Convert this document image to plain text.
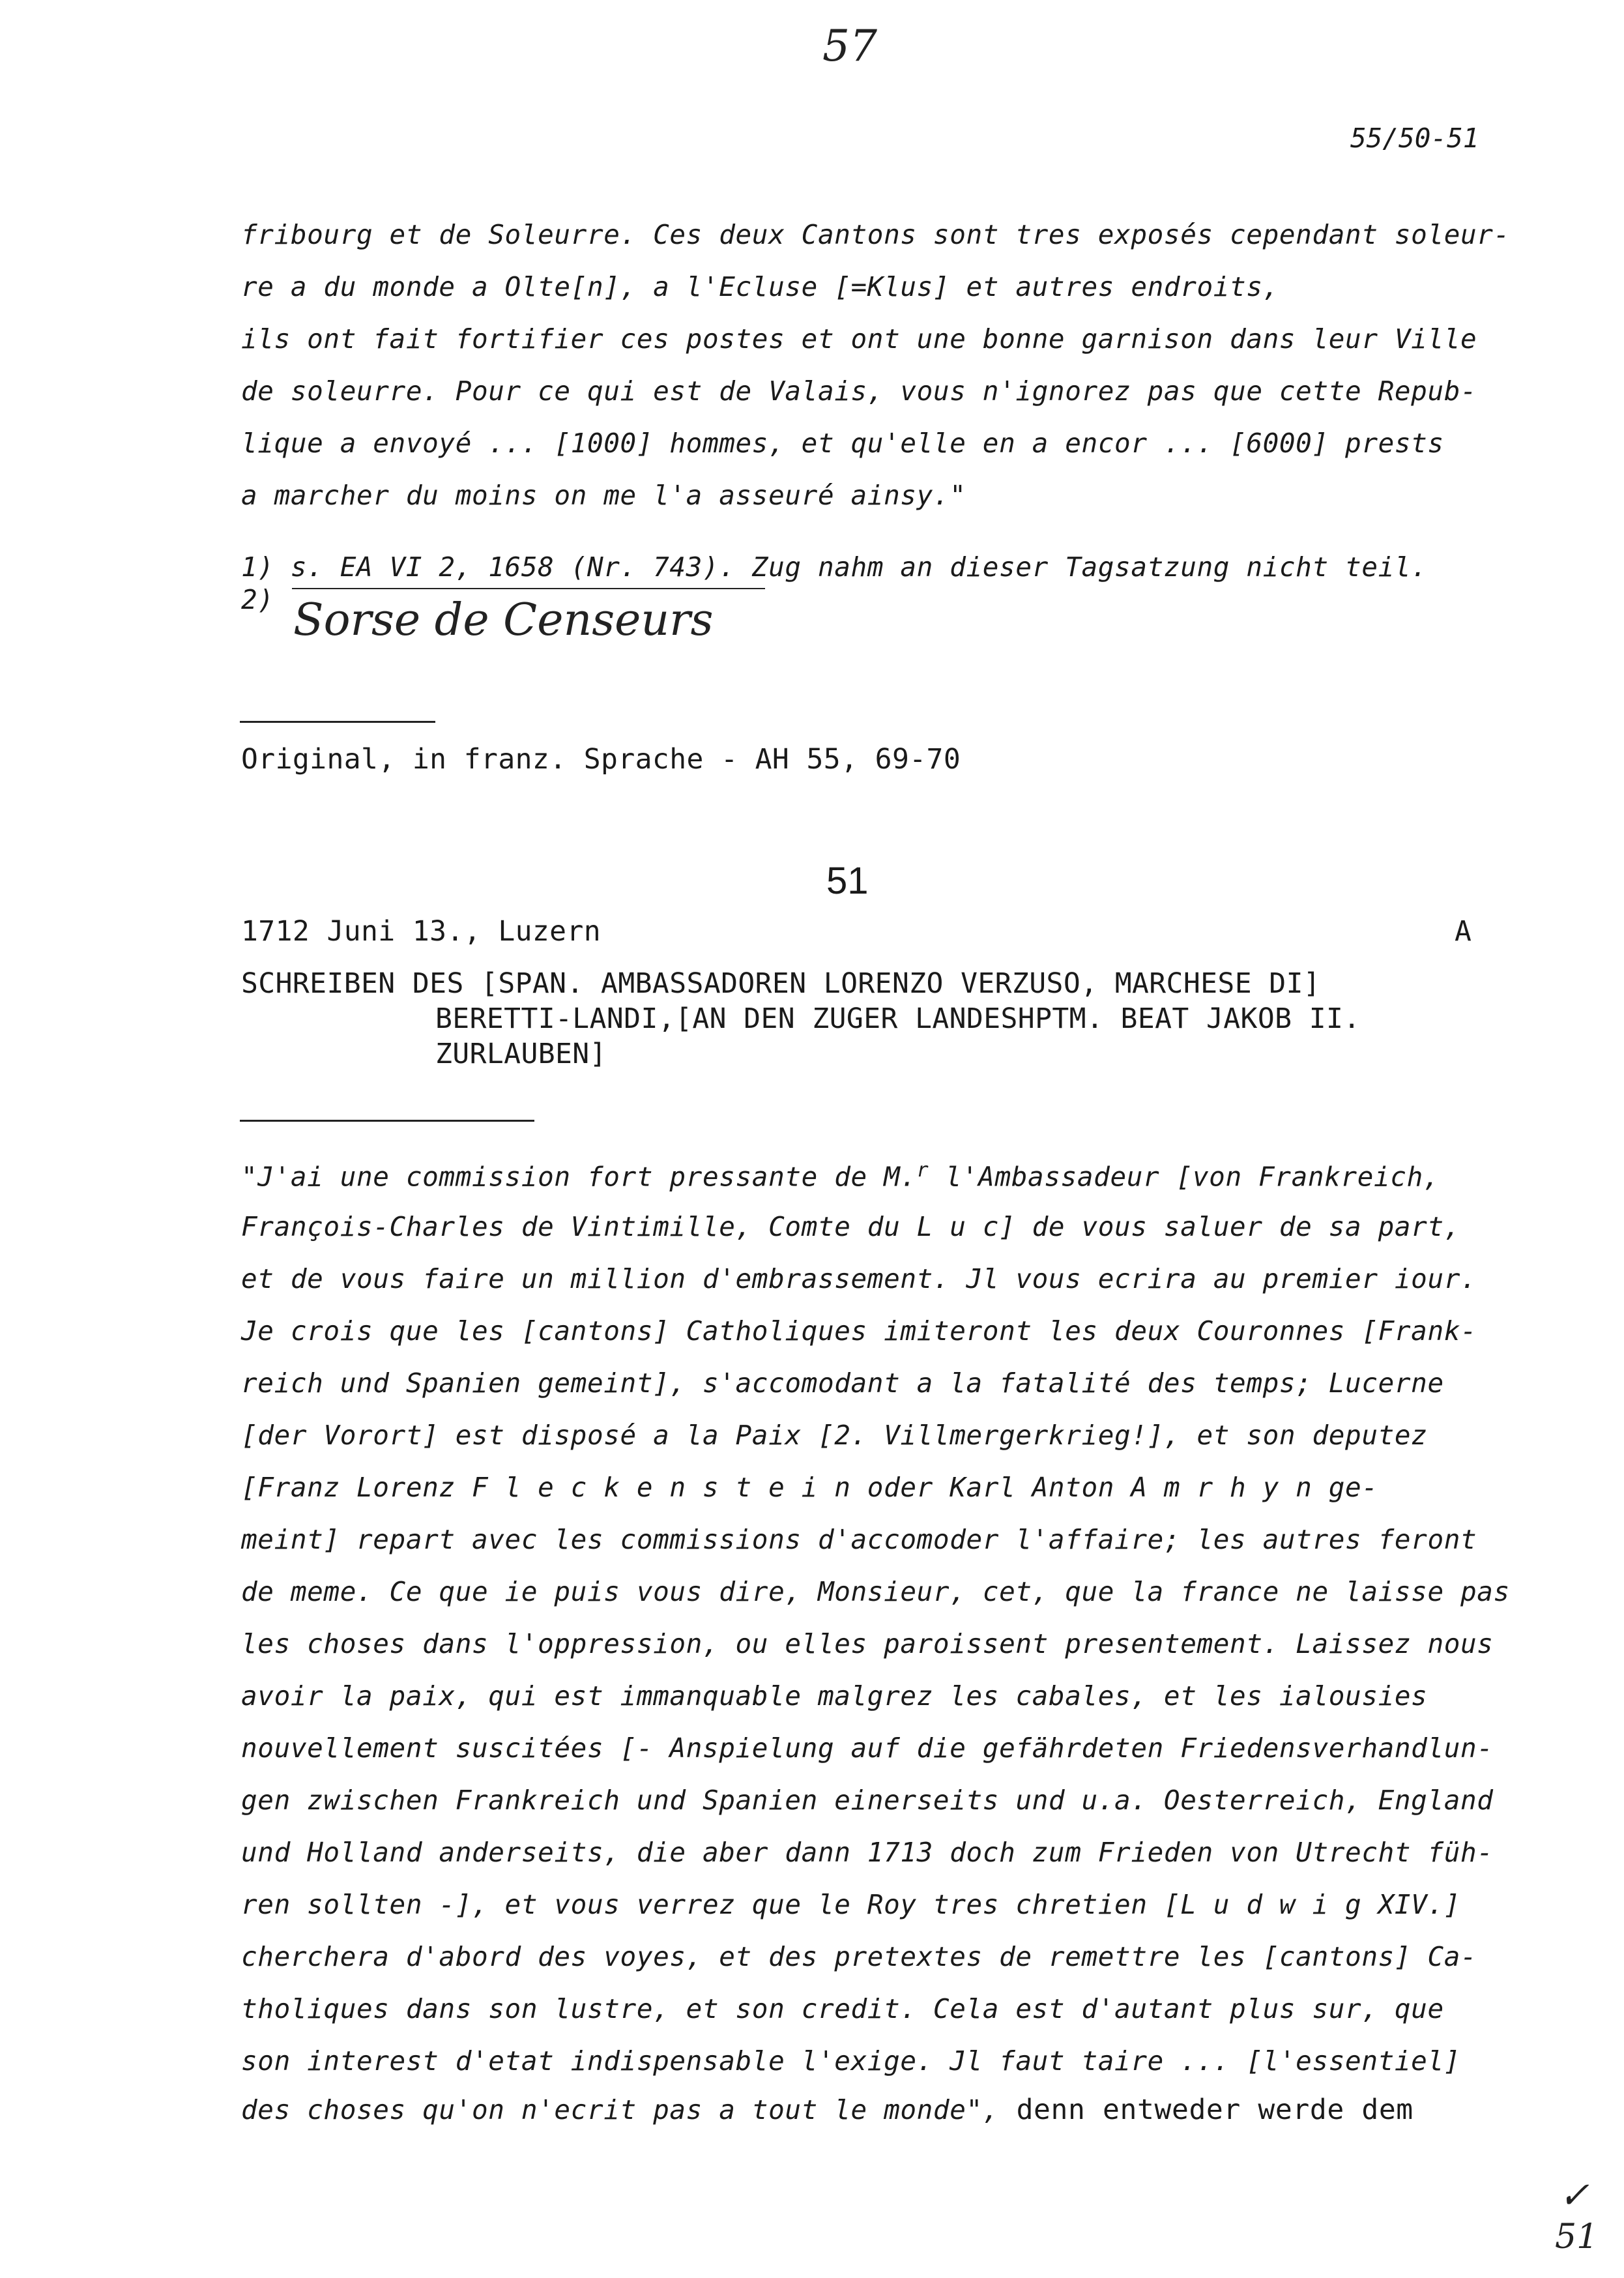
57
55/50-51
fribourg et de Soleurre. Ces deux Cantons sont tres exposés cependant soleur-
re a du monde a Olte[n], a l'Ecluse [=Klus] et autres endroits,
ils ont fait fortifier ces postes et ont une bonne garnison dans leur Ville
de soleurre. Pour ce qui est de Valais, vous n'ignorez pas que cette Repub-
lique a envoyé ... [1000] hommes, et qu'elle en a encor ... [6000] prests
a marcher du moins on me l'a asseuré ainsy."
1) s. EA VI 2, 1658 (Nr. 743). Zug nahm an dieser Tagsatzung nicht teil.
2) Sorse de Censeurs
Original, in franz. Sprache - AH 55, 69-70
51
1712 Juni 13., Luzern	A
SCHREIBEN DES [SPAN. AMBASSADOREN LORENZO VERZUSO, MARCHESE DI]
BERETTI-LANDI,[AN DEN ZUGER LANDESHPTM. BEAT JAKOB II.
ZURLAUBEN]
"J'ai une commission fort pressante de M.$^r$ l'Ambassadeur [von Frankreich,
François-Charles de Vintimille, Comte du L u c] de vous saluer de sa part,
et de vous faire un million d'embrassement. Jl vous ecrira au premier iour.
Je crois que les [cantons] Catholiques imiteront les deux Couronnes [Frank-
reich und Spanien gemeint], s'accomodant a la fatalité des temps; Lucerne
[der Vorort] est disposé a la Paix [2. Villmergerkrieg!], et son deputez
[Franz Lorenz F l e c k e n s t e i n oder Karl Anton A m r h y n ge-
meint] repart avec les commissions d'accomoder l'affaire; les autres feront
de meme. Ce que ie puis vous dire, Monsieur, cet, que la france ne laisse pas
les choses dans l'oppression, ou elles paroissent presentement. Laissez nous
avoir la paix, qui est immanquable malgrez les cabales, et les ialousies
nouvellement suscitées [- Anspielung auf die gefährdeten Friedensverhandlun-
gen zwischen Frankreich und Spanien einerseits und u.a. Oesterreich, England
und Holland anderseits, die aber dann 1713 doch zum Frieden von Utrecht füh-
ren sollten -], et vous verrez que le Roy tres chretien [L u d w i g XIV.]
cherchera d'abord des voyes, et des pretextes de remettre les [cantons] Ca-
tholiques dans son lustre, et son credit. Cela est d'autant plus sur, que
son interest d'etat indispensable l'exige. Jl faut taire ... [l'essentiel]
des choses qu'on n'ecrit pas a tout le monde", denn entweder werde dem
✓
51
